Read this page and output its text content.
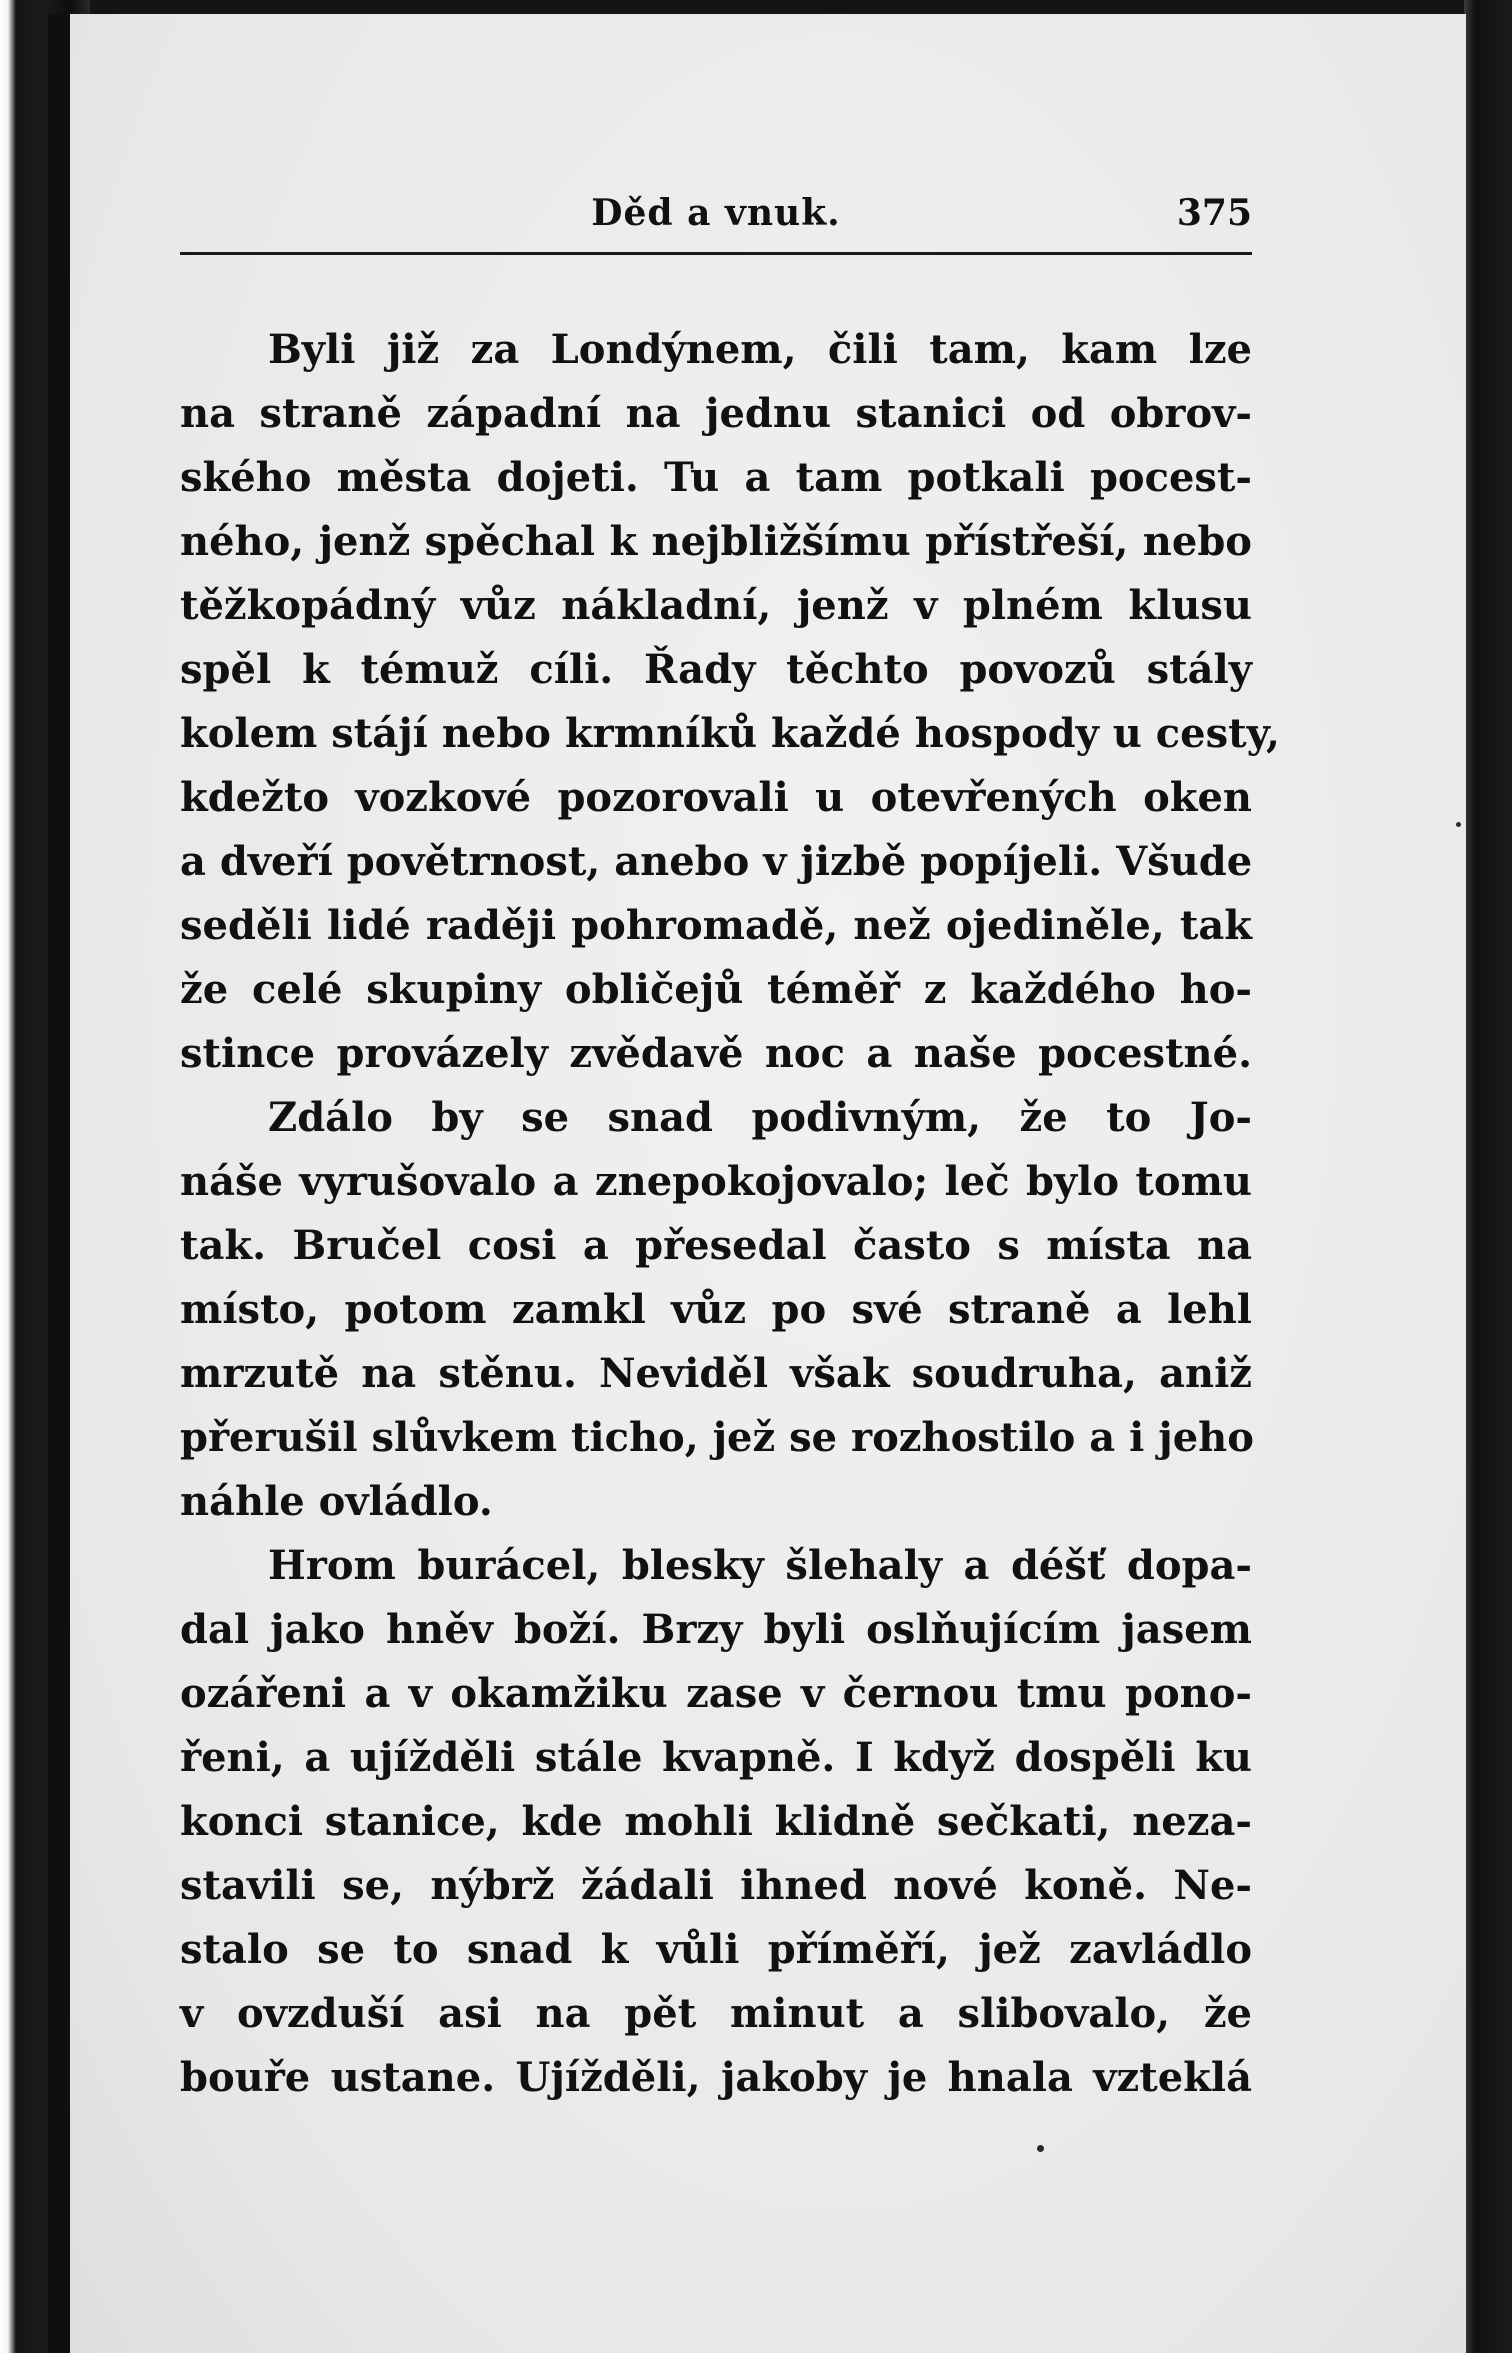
Děd a vnuk.	375
Byli již za Londýnem, čili tam, kam lze
na straně západní na jednu stanici od obrov-
ského města dojeti. Tu a tam potkali pocest-
ného, jenž spěchal k nejbližšímu přístřeší, nebo
těžkopádný vůz nákladní, jenž v plném klusu
spěl k témuž cíli. Řady těchto povozů stály
kolem stájí nebo krmníků každé hospody u cesty,
kdežto vozkové pozorovali u otevřených oken
a dveří povětrnost, anebo v jizbě popíjeli. Všude
seděli lidé raději pohromadě, než ojediněle, tak
že celé skupiny obličejů téměř z každého ho-
stince provázely zvědavě noc a naše pocestné.
Zdálo by se snad podivným, že to Jo-
náše vyrušovalo a znepokojovalo; leč bylo tomu
tak. Bručel cosi a přesedal často s místa na
místo, potom zamkl vůz po své straně a lehl
mrzutě na stěnu. Neviděl však soudruha, aniž
přerušil slůvkem ticho, jež se rozhostilo a i jeho
náhle ovládlo.
Hrom burácel, blesky šlehaly a déšť dopa-
dal jako hněv boží. Brzy byli oslňujícím jasem
ozářeni a v okamžiku zase v černou tmu pono-
řeni, a ujížděli stále kvapně. I když dospěli ku
konci stanice, kde mohli klidně sečkati, neza-
stavili se, nýbrž žádali ihned nové koně. Ne-
stalo se to snad k vůli příměří, jež zavládlo
v ovzduší asi na pět minut a slibovalo, že
bouře ustane. Ujížděli, jakoby je hnala vzteklá
